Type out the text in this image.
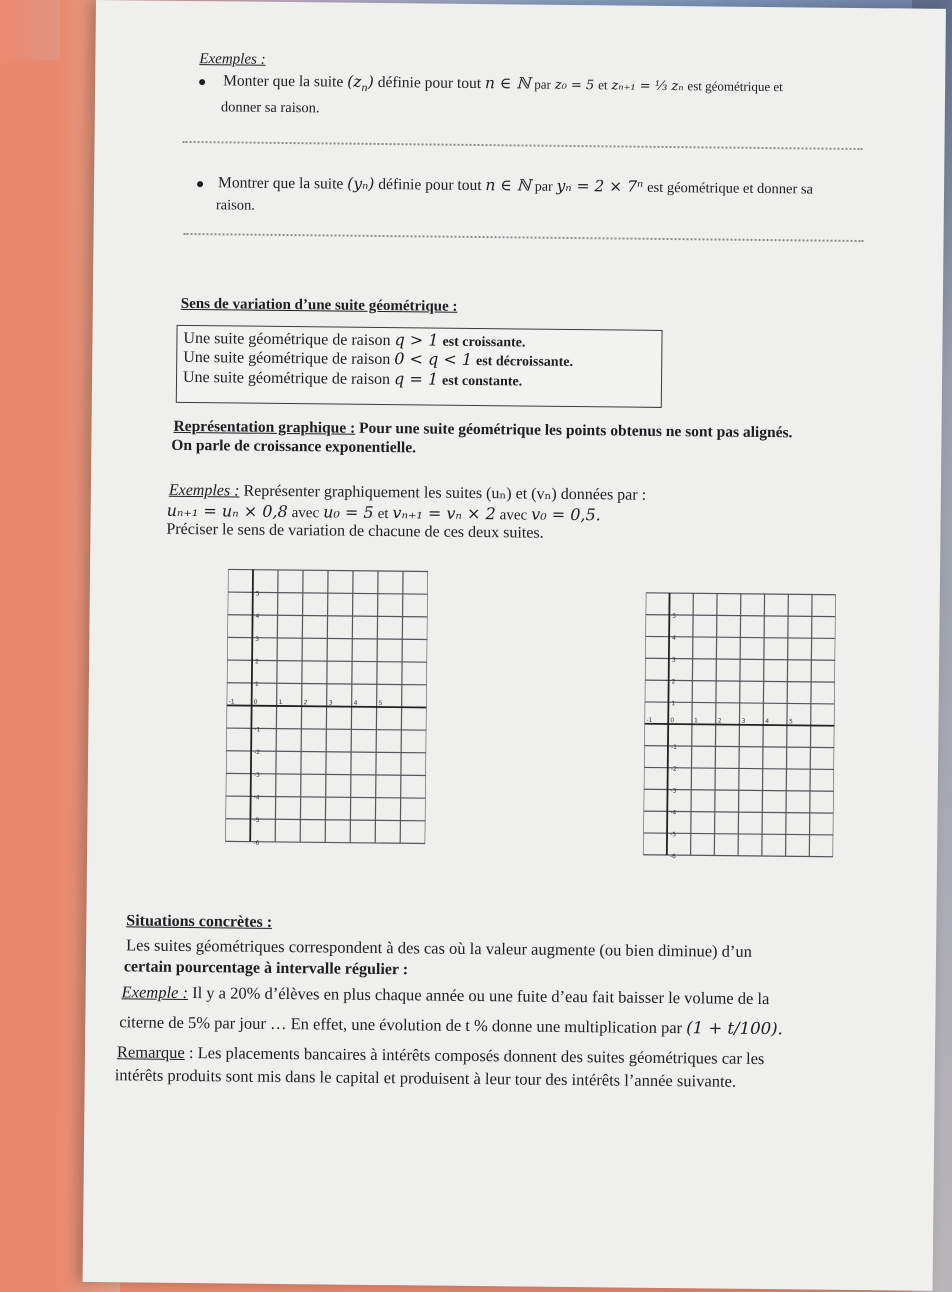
Exemples :
Monter que la suite $(z_n)$ définie pour tout n ∈ ℕ par z₀ = 5 et zₙ₊₁ = ⅓ zₙ est géométrique et
donner sa raison.
Montrer que la suite (yₙ) définie pour tout n ∈ ℕ par yₙ = 2 × 7ⁿ est géométrique et donner sa
raison.
Sens de variation d’une suite géométrique :
Une suite géométrique de raison q > 1 est croissante.
Une suite géométrique de raison 0 < q < 1 est décroissante.
Une suite géométrique de raison q = 1 est constante.
Représentation graphique : Pour une suite géométrique les points obtenus ne sont pas alignés.
On parle de croissance exponentielle.
Exemples : Représenter graphiquement les suites (uₙ) et (vₙ) données par :
uₙ₊₁ = uₙ × 0,8 avec u₀ = 5 et vₙ₊₁ = vₙ × 2 avec v₀ = 0,5.
Préciser le sens de variation de chacune de ces deux suites.
5
4
3
2
1
-1
-2
-3
-4
-5
-6
-1	0	1	2	3	4	5
5
4
3
2
1
-1
-2
-3
-4
-5
-6
-1	0	1	2	3	4	5
Situations concrètes :
Les suites géométriques correspondent à des cas où la valeur augmente (ou bien diminue) d’un
certain pourcentage à intervalle régulier :
Exemple : Il y a 20% d’élèves en plus chaque année ou une fuite d’eau fait baisser le volume de la
citerne de 5% par jour … En effet, une évolution de t % donne une multiplication par (1 + t/100).
Remarque : Les placements bancaires à intérêts composés donnent des suites géométriques car les
intérêts produits sont mis dans le capital et produisent à leur tour des intérêts l’année suivante.
